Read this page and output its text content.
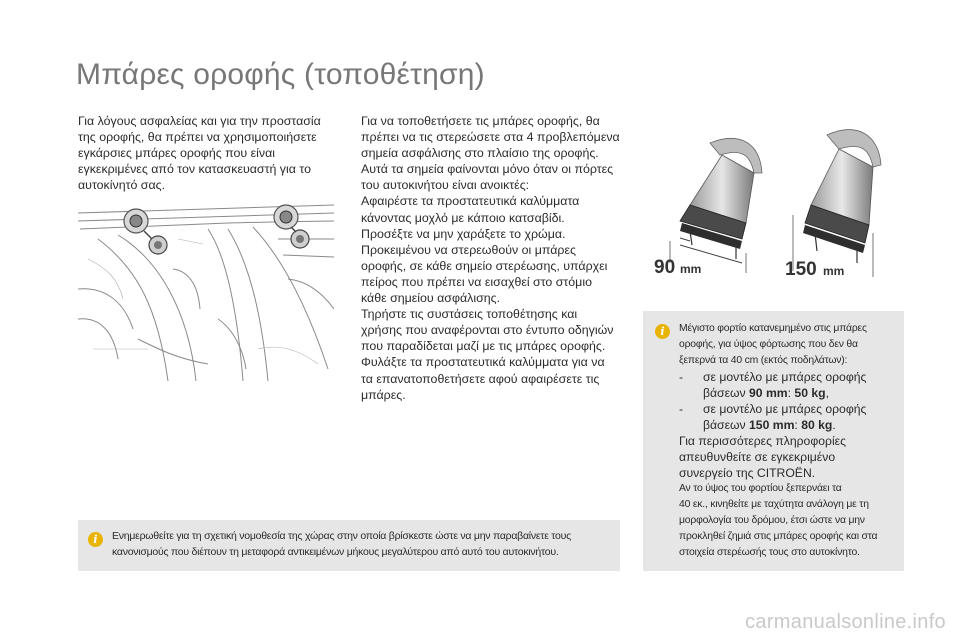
Μπάρες οροφής (τοποθέτηση)
Για λόγους ασφαλείας και για την προστασία
της οροφής, θα πρέπει να χρησιμοποιήσετε
εγκάρσιες μπάρες οροφής που είναι
εγκεκριμένες από τον κατασκευαστή για το
αυτοκίνητό σας.
Για να τοποθετήσετε τις μπάρες οροφής, θα
πρέπει να τις στερεώσετε στα 4 προβλεπόμενα
σημεία ασφάλισης στο πλαίσιο της οροφής.
Αυτά τα σημεία φαίνονται μόνο όταν οι πόρτες
του αυτοκινήτου είναι ανοικτές:
Αφαιρέστε τα προστατευτικά καλύμματα
κάνοντας μοχλό με κάποιο κατσαβίδι.
Προσέξτε να μην χαράξετε το χρώμα.
Προκειμένου να στερεωθούν οι μπάρες
οροφής, σε κάθε σημείο στερέωσης, υπάρχει
πείρος που πρέπει να εισαχθεί στο στόμιο
κάθε σημείου ασφάλισης.
Τηρήστε τις συστάσεις τοποθέτησης και
χρήσης που αναφέρονται στο έντυπο οδηγιών
που παραδίδεται μαζί με τις μπάρες οροφής.
Φυλάξτε τα προστατευτικά καλύμματα για να
τα επανατοποθετήσετε αφού αφαιρέσετε τις
μπάρες.
90 mm	150 mm
i	Μέγιστο φορτίο κατανεμημένο στις μπάρες
οροφής, για ύψος φόρτωσης που δεν θα
ξεπερνά τα 40 cm (εκτός ποδηλάτων):
-	σε μοντέλο με μπάρες οροφής
βάσεων 90 mm: 50 kg,
-	σε μοντέλο με μπάρες οροφής
βάσεων 150 mm: 80 kg.
Για περισσότερες πληροφορίες
απευθυνθείτε σε εγκεκριμένο
συνεργείο της CITROËN.
Αν το ύψος του φορτίου ξεπερνάει τα
40 εκ., κινηθείτε με ταχύτητα ανάλογη με τη
μορφολογία του δρόμου, έτσι ώστε να μην
προκληθεί ζημιά στις μπάρες οροφής και στα
στοιχεία στερέωσής τους στο αυτοκίνητο.
i	Ενημερωθείτε για τη σχετική νομοθεσία της χώρας στην οποία βρίσκεστε ώστε να μην παραβαίνετε τους
κανονισμούς που διέπουν τη μεταφορά αντικειμένων μήκους μεγαλύτερου από αυτό του αυτοκινήτου.
carmanualsonline.info
